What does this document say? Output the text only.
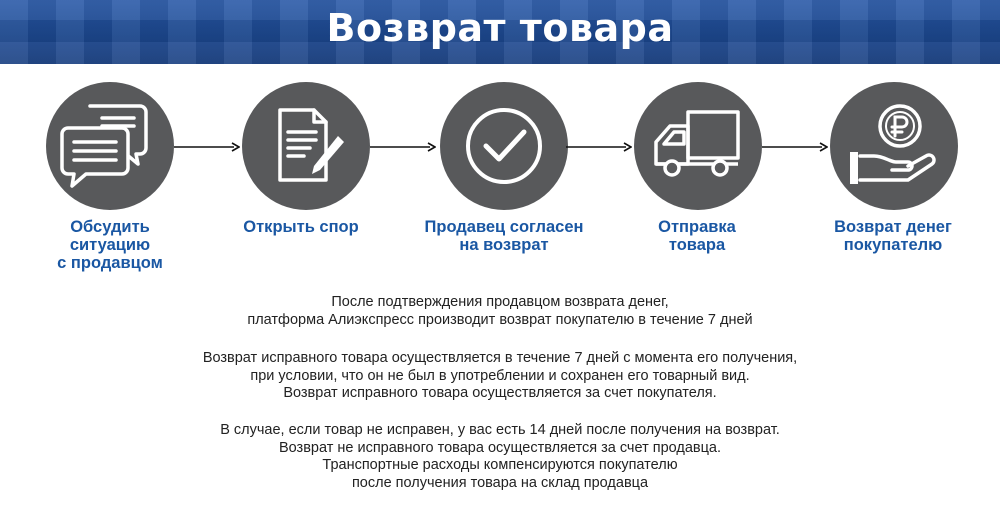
Возврат товара
Обсудить
ситуацию
с продавцом
Открыть спор	Продавец согласен
на возврат
Отправка
товара
Возврат денег
покупателю
После подтверждения продавцом возврата денег,
платформа Алиэкспресс производит возврат покупателю в течение 7 дней
Возврат исправного товара осуществляется в течение 7 дней с момента его получения,
при условии, что он не был в употреблении и сохранен его товарный вид.
Возврат исправного товара осуществляется за счет покупателя.
В случае, если товар не исправен, у вас есть 14 дней после получения на возврат.
Возврат не исправного товара осуществляется за счет продавца.
Транспортные расходы компенсируются покупателю
после получения товара на склад продавца
